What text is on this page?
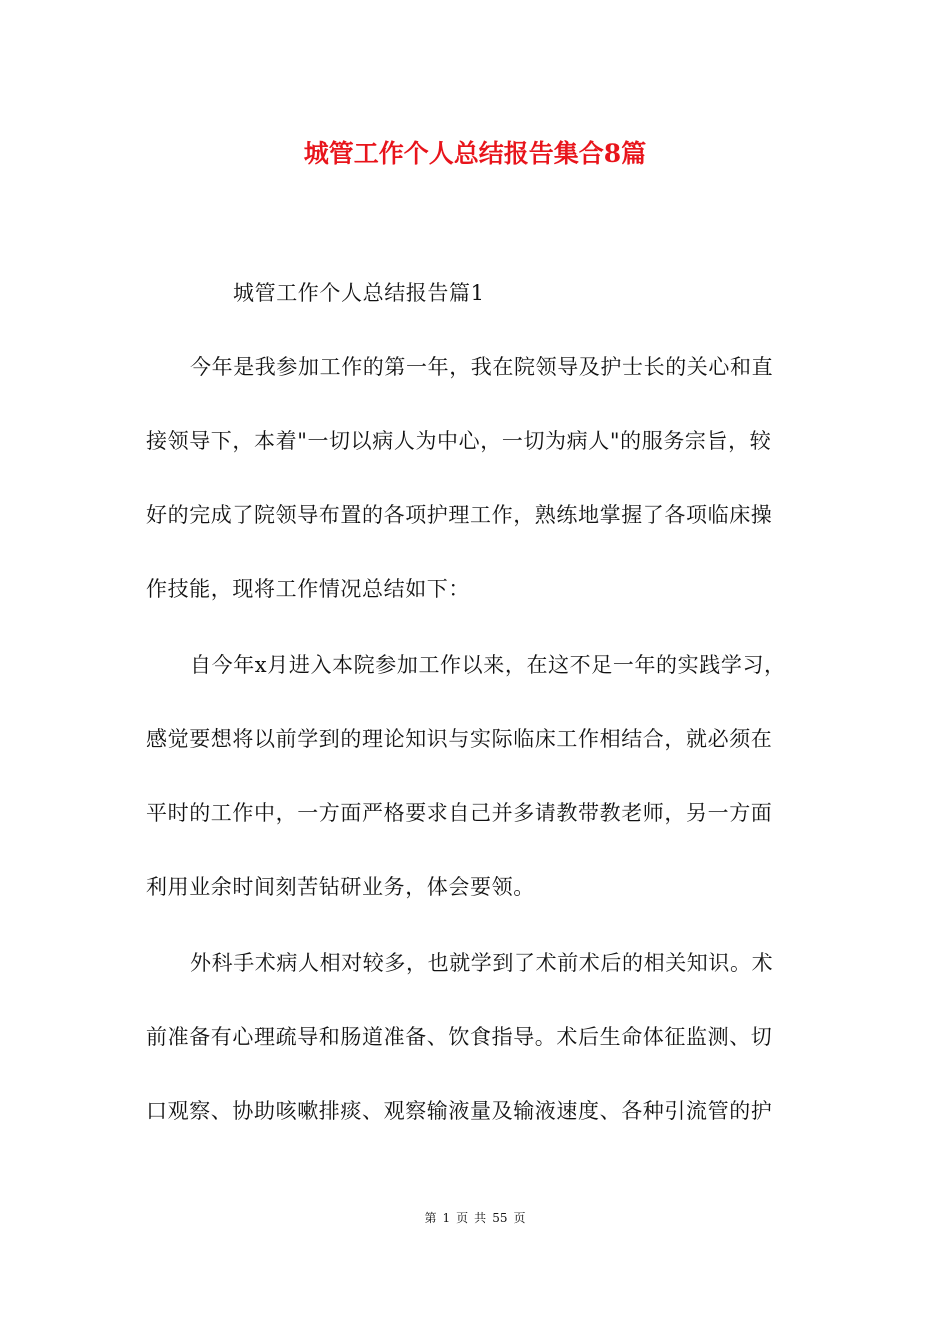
城管工作个人总结报告集合8篇
城管工作个人总结报告篇1
今年是我参加工作的第一年，我在院领导及护士长的关心和直
接领导下，本着"一切以病人为中心，一切为病人"的服务宗旨，较
好的完成了院领导布置的各项护理工作，熟练地掌握了各项临床操
作技能，现将工作情况总结如下：
自今年x月进入本院参加工作以来，在这不足一年的实践学习，
感觉要想将以前学到的理论知识与实际临床工作相结合，就必须在
平时的工作中，一方面严格要求自己并多请教带教老师，另一方面
利用业余时间刻苦钻研业务，体会要领。
外科手术病人相对较多，也就学到了术前术后的相关知识。术
前准备有心理疏导和肠道准备、饮食指导。术后生命体征监测、切
口观察、协助咳嗽排痰、观察输液量及输液速度、各种引流管的护
第 1 页 共 55 页
